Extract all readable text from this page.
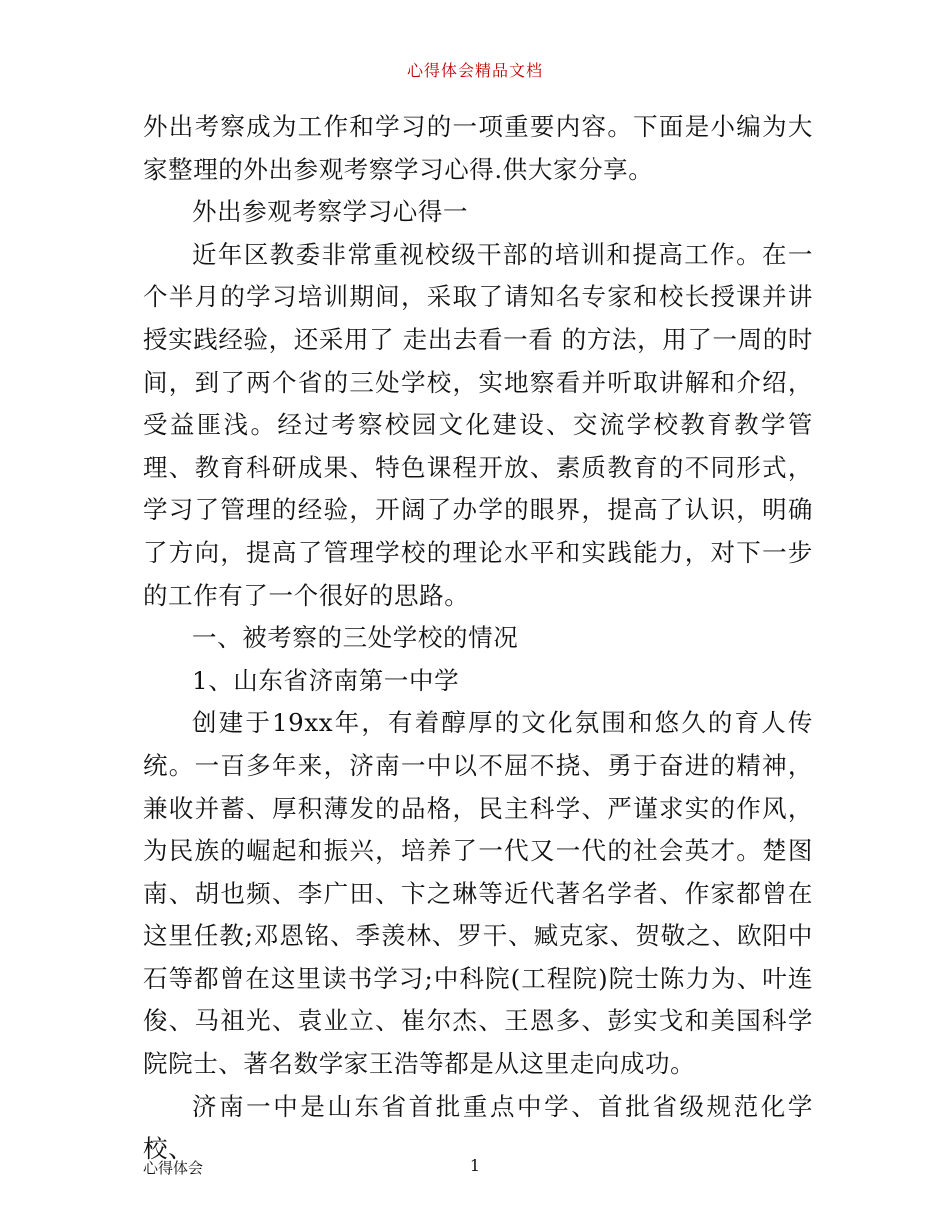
心得体会精品文档

外出考察成为工作和学习的一项重要内容。下面是小编为大家整理的外出参观考察学习心得.供大家分享。

外出参观考察学习心得一

近年区教委非常重视校级干部的培训和提高工作。在一个半月的学习培训期间，采取了请知名专家和校长授课并讲授实践经验，还采用了 走出去看一看 的方法，用了一周的时间，到了两个省的三处学校，实地察看并听取讲解和介绍，受益匪浅。经过考察校园文化建设、交流学校教育教学管理、教育科研成果、特色课程开放、素质教育的不同形式，学习了管理的经验，开阔了办学的眼界，提高了认识，明确了方向，提高了管理学校的理论水平和实践能力，对下一步的工作有了一个很好的思路。

一、被考察的三处学校的情况

1、山东省济南第一中学

创建于19xx年，有着醇厚的文化氛围和悠久的育人传统。一百多年来，济南一中以不屈不挠、勇于奋进的精神，兼收并蓄、厚积薄发的品格，民主科学、严谨求实的作风，为民族的崛起和振兴，培养了一代又一代的社会英才。楚图南、胡也频、李广田、卞之琳等近代著名学者、作家都曾在这里任教;邓恩铭、季羡林、罗干、臧克家、贺敬之、欧阳中石等都曾在这里读书学习;中科院(工程院)院士陈力为、叶连俊、马祖光、袁业立、崔尔杰、王恩多、彭实戈和美国科学院院士、著名数学家王浩等都是从这里走向成功。

济南一中是山东省首批重点中学、首批省级规范化学校、

心得体会	1
